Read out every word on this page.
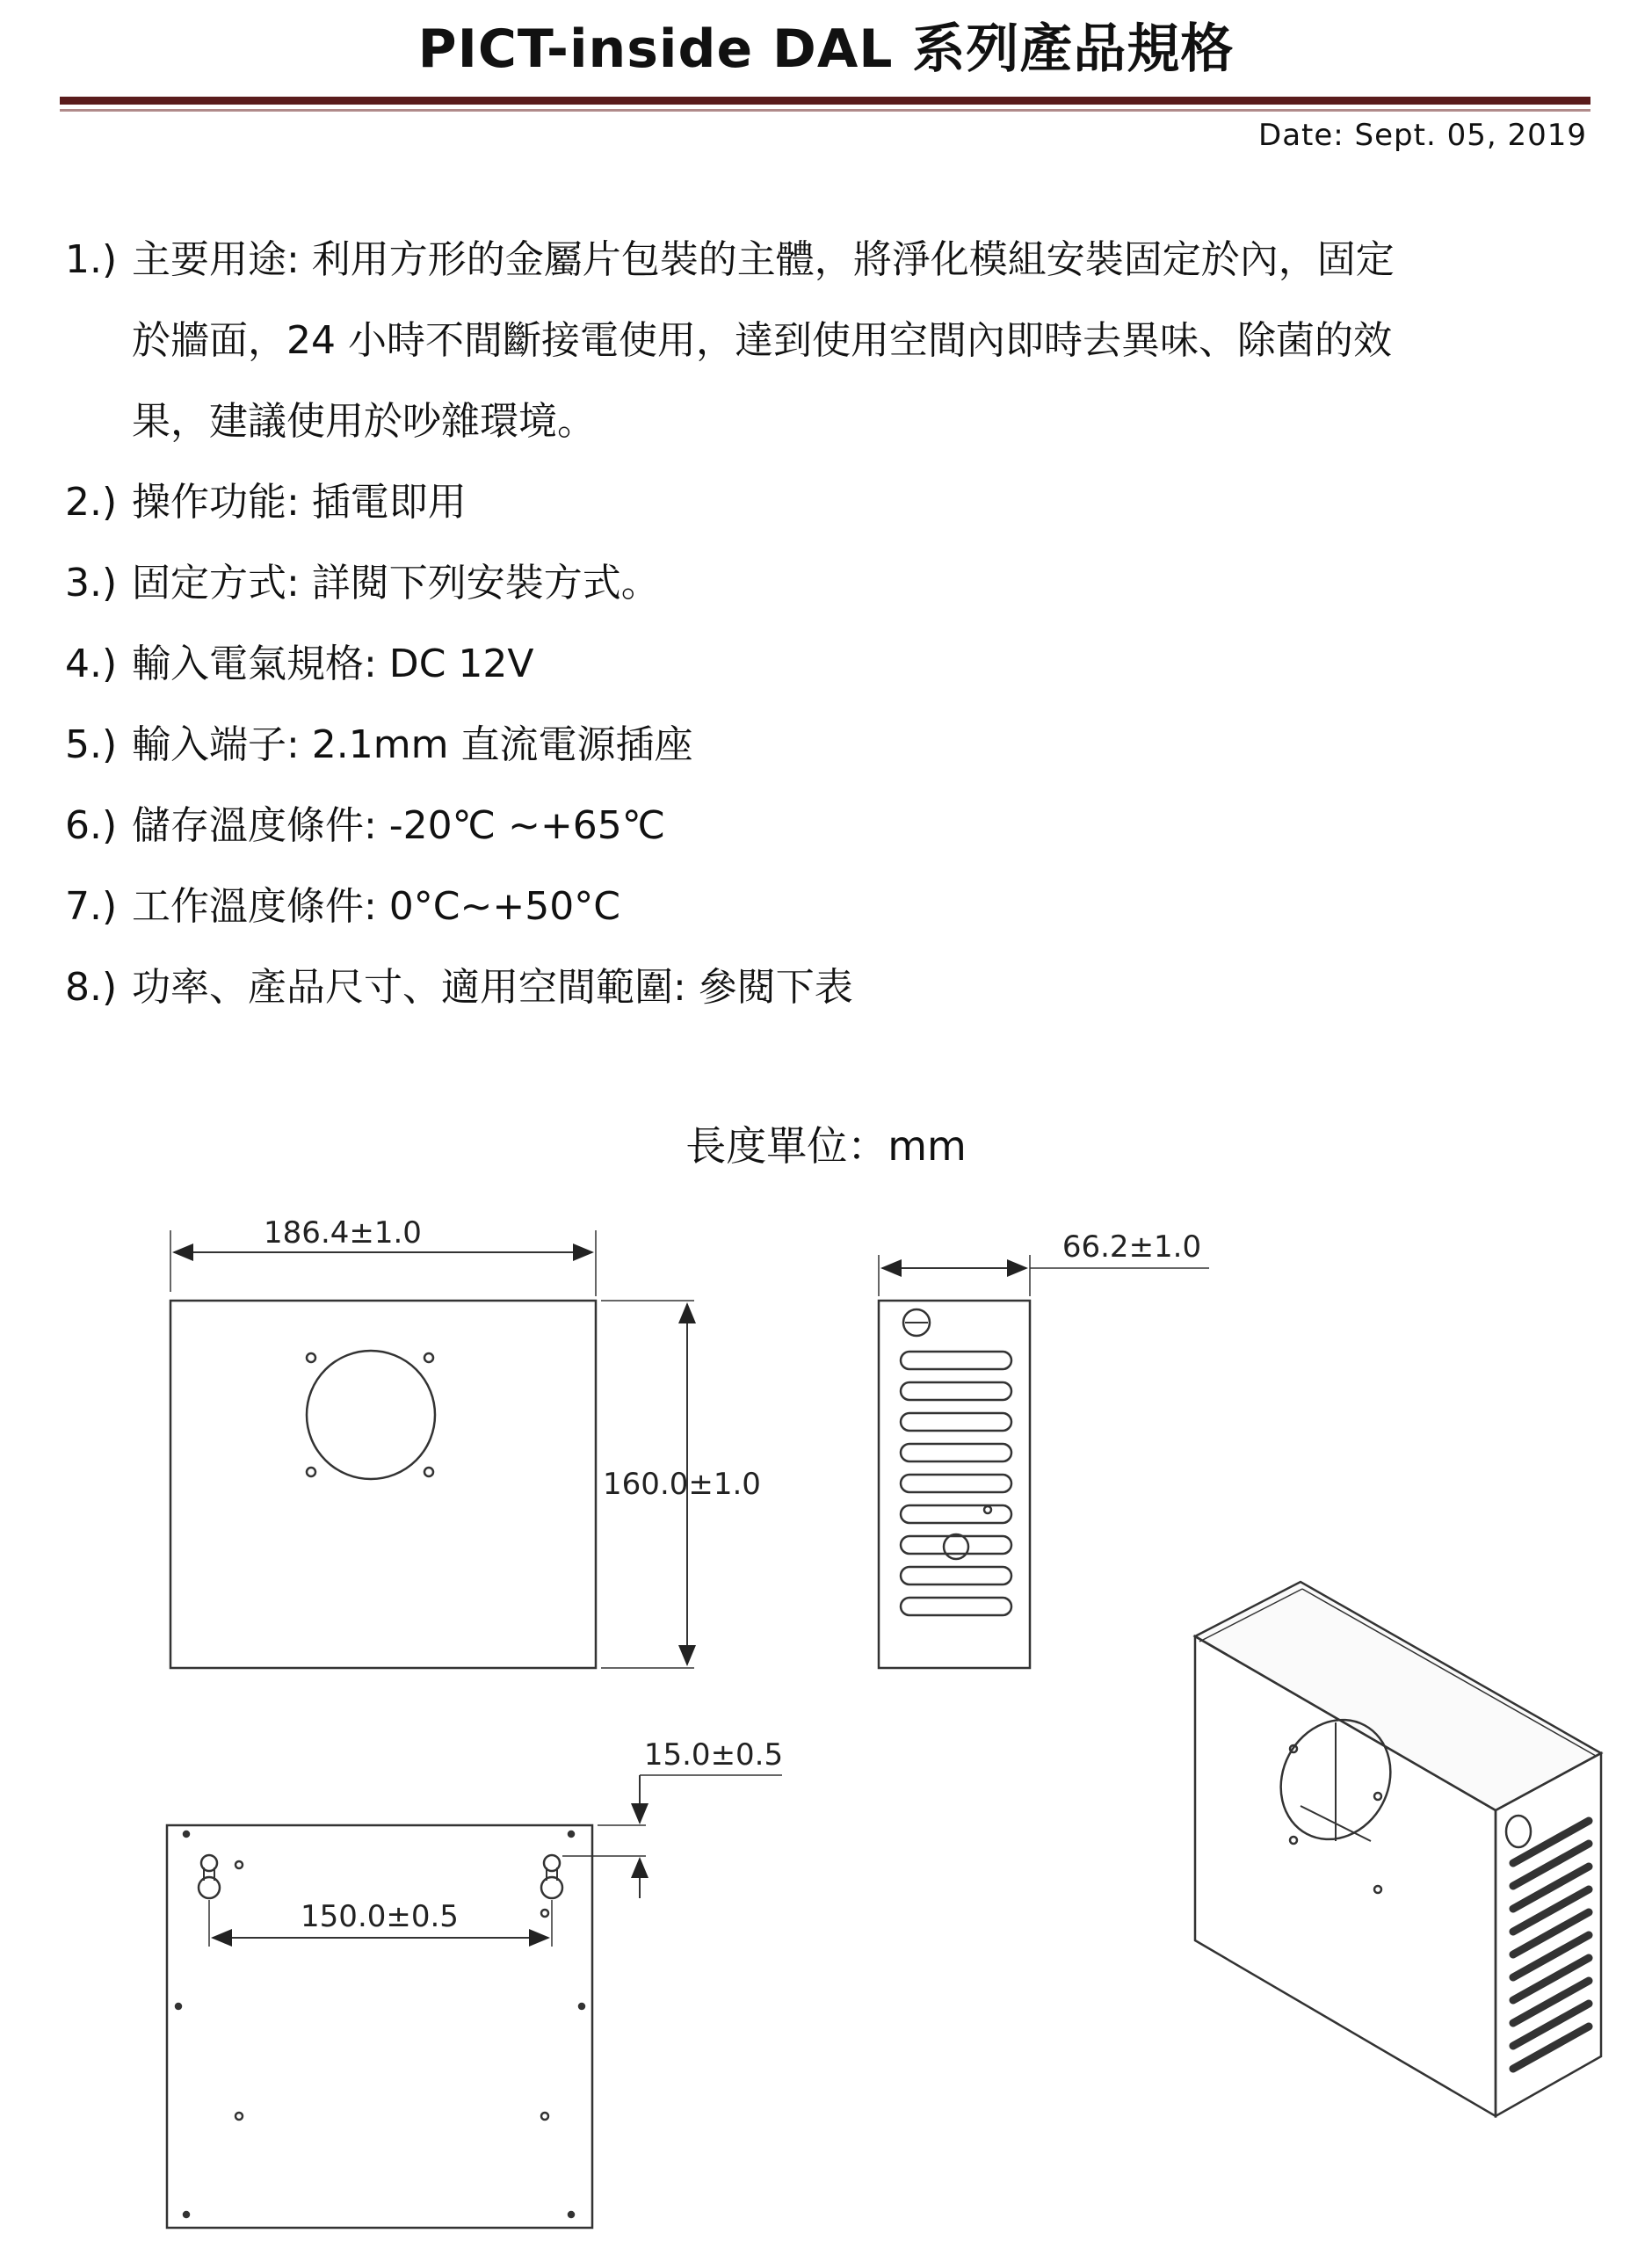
PICT-inside DAL 系列產品規格
Date: Sept. 05, 2019
1.) 主要用途: 利用方形的金屬片包裝的主體，將淨化模組安裝固定於內，固定
於牆面，24 小時不間斷接電使用，達到使用空間內即時去異味、除菌的效
果，建議使用於吵雜環境。
2.) 操作功能: 插電即用
3.) 固定方式: 詳閱下列安裝方式。
4.) 輸入電氣規格: DC 12V
5.) 輸入端子: 2.1mm 直流電源插座
6.) 儲存溫度條件: -20℃ ~+65℃
7.) 工作溫度條件: 0°C~+50°C
8.) 功率、產品尺寸、適用空間範圍: 參閱下表
長度單位：mm
186.4±1.0
160.0±1.0
66.2±1.0
150.0±0.5
15.0±0.5
